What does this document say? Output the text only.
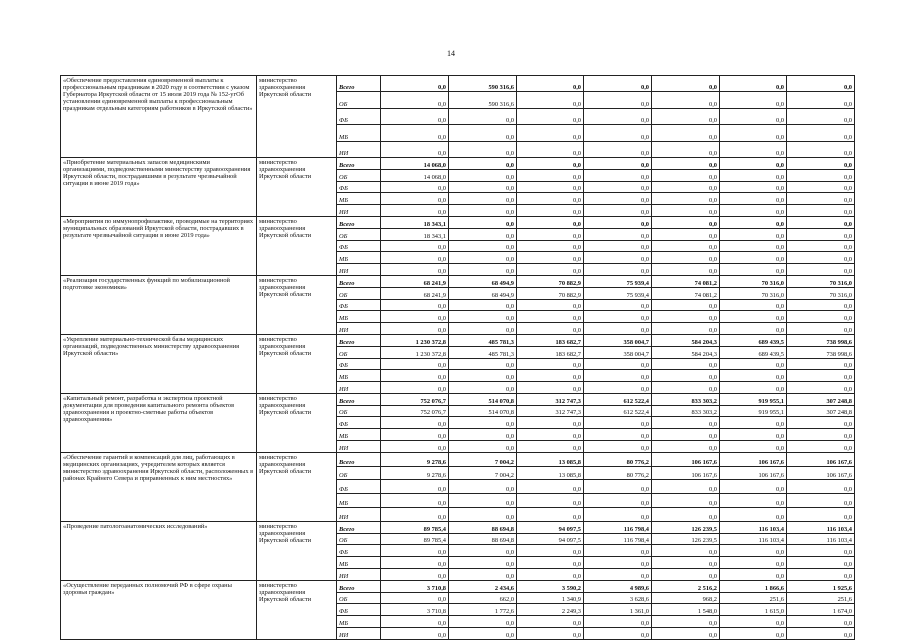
14
«Обеспечение предоставления единовременной выплаты к профессиональным праздникам в 2020 году в соответствии с указом Губернатора Иркутской области от 15 июля 2019 года № 152-угОб установлении единовременной выплаты к профессиональным праздникам отдельным категориям работников в Иркутской области»	министерство здравоохранения Иркутской области	Всего	0,0	590 316,6	0,0	0,0	0,0	0,0	0,0
		ОБ	0,0	590 316,6	0,0	0,0	0,0	0,0	0,0
		ФБ	0,0	0,0	0,0	0,0	0,0	0,0	0,0
		МБ	0,0	0,0	0,0	0,0	0,0	0,0	0,0
		ИИ	0,0	0,0	0,0	0,0	0,0	0,0	0,0
«Приобретение материальных запасов медицинскими организациями, подведомственными министерству здравоохранения Иркутской области, пострадавшими в результате чрезвычайной ситуации в июне 2019 года»	министерство здравоохранения Иркутской области	Всего	14 068,0	0,0	0,0	0,0	0,0	0,0	0,0
		ОБ	14 068,0	0,0	0,0	0,0	0,0	0,0	0,0
		ФБ	0,0	0,0	0,0	0,0	0,0	0,0	0,0
		МБ	0,0	0,0	0,0	0,0	0,0	0,0	0,0
		ИИ	0,0	0,0	0,0	0,0	0,0	0,0	0,0
«Мероприятия по иммунопрофилактике, проводимые на территориях муниципальных образований Иркутской области, пострадавших в результате чрезвычайной ситуации в июне 2019 года»	министерство здравоохранения Иркутской области	Всего	18 343,1	0,0	0,0	0,0	0,0	0,0	0,0
		ОБ	18 343,1	0,0	0,0	0,0	0,0	0,0	0,0
		ФБ	0,0	0,0	0,0	0,0	0,0	0,0	0,0
		МБ	0,0	0,0	0,0	0,0	0,0	0,0	0,0
		ИИ	0,0	0,0	0,0	0,0	0,0	0,0	0,0
«Реализация государственных функций по мобилизационной подготовке экономики»	министерство здравоохранения Иркутской области	Всего	68 241,9	68 494,9	70 882,9	75 939,4	74 081,2	70 316,0	70 316,0
		ОБ	68 241,9	68 494,9	70 882,9	75 939,4	74 081,2	70 316,0	70 316,0
		ФБ	0,0	0,0	0,0	0,0	0,0	0,0	0,0
		МБ	0,0	0,0	0,0	0,0	0,0	0,0	0,0
		ИИ	0,0	0,0	0,0	0,0	0,0	0,0	0,0
«Укрепление материально-технической базы медицинских организаций, подведомственных министерству здравоохранения Иркутской области»	министерство здравоохранения Иркутской области	Всего	1 230 372,8	485 781,3	183 682,7	358 004,7	584 204,3	689 439,5	738 998,6
		ОБ	1 230 372,8	485 781,3	183 682,7	358 004,7	584 204,3	689 439,5	738 998,6
		ФБ	0,0	0,0	0,0	0,0	0,0	0,0	0,0
		МБ	0,0	0,0	0,0	0,0	0,0	0,0	0,0
		ИИ	0,0	0,0	0,0	0,0	0,0	0,0	0,0
«Капитальный ремонт, разработка и экспертиза проектной документации для проведения капитального ремонта объектов здравоохранения и проектно-сметные работы объектов здравоохранения»	министерство здравоохранения Иркутской области	Всего	752 076,7	514 070,8	312 747,3	612 522,4	833 303,2	919 955,1	307 248,8
		ОБ	752 076,7	514 070,8	312 747,3	612 522,4	833 303,2	919 955,1	307 248,8
		ФБ	0,0	0,0	0,0	0,0	0,0	0,0	0,0
		МБ	0,0	0,0	0,0	0,0	0,0	0,0	0,0
		ИИ	0,0	0,0	0,0	0,0	0,0	0,0	0,0
«Обеспечение гарантий и компенсаций для лиц, работающих в медицинских организациях, учредителем которых является министерство здравоохранения Иркутской области, расположенных в районах Крайнего Севера и приравненных к ним местностях»	министерство здравоохранения Иркутской области	Всего	9 278,6	7 004,2	13 085,8	80 776,2	106 167,6	106 167,6	106 167,6
		ОБ	9 278,6	7 004,2	13 085,8	80 776,2	106 167,6	106 167,6	106 167,6
		ФБ	0,0	0,0	0,0	0,0	0,0	0,0	0,0
		МБ	0,0	0,0	0,0	0,0	0,0	0,0	0,0
		ИИ	0,0	0,0	0,0	0,0	0,0	0,0	0,0
«Проведение патологоанатомических исследований»	министерство здравоохранения Иркутской области	Всего	89 785,4	88 694,8	94 097,5	116 798,4	126 239,5	116 103,4	116 103,4
		ОБ	89 785,4	88 694,8	94 097,5	116 798,4	126 239,5	116 103,4	116 103,4
		ФБ	0,0	0,0	0,0	0,0	0,0	0,0	0,0
		МБ	0,0	0,0	0,0	0,0	0,0	0,0	0,0
		ИИ	0,0	0,0	0,0	0,0	0,0	0,0	0,0
«Осуществление переданных полномочий РФ в сфере охраны здоровья граждан»	министерство здравоохранения Иркутской области	Всего	3 710,8	2 434,6	3 590,2	4 989,6	2 516,2	1 866,6	1 925,6
		ОБ	0,0	662,0	1 340,9	3 628,6	968,2	251,6	251,6
		ФБ	3 710,8	1 772,6	2 249,3	1 361,0	1 548,0	1 615,0	1 674,0
		МБ	0,0	0,0	0,0	0,0	0,0	0,0	0,0
		ИИ	0,0	0,0	0,0	0,0	0,0	0,0	0,0
